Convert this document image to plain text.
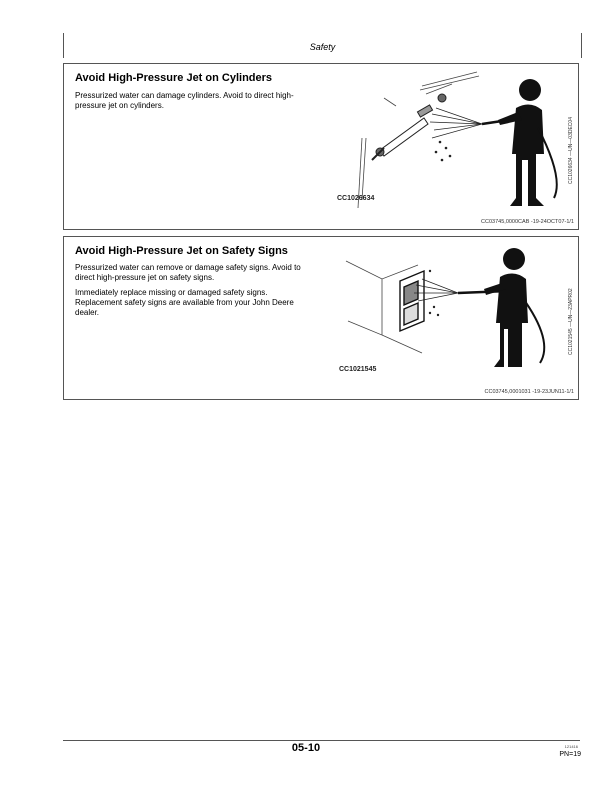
Safety
Avoid High-Pressure Jet on Cylinders

Pressurized water can damage cylinders. Avoid to direct high-pressure jet on cylinders.

CC1026634
CC1026634 —UN—03DEC04
CC03745,0000CAB -19-24OCT07-1/1
Avoid High-Pressure Jet on Safety Signs

Pressurized water can remove or damage safety signs. Avoid to direct high-pressure jet on safety signs.

Immediately replace missing or damaged safety signs. Replacement safety signs are available from your John Deere dealer.

CC1021545
CC1021545 —UN—23APR02
CC03745,0001031 -19-23JUN11-1/1
05-10	121416
PN=19
